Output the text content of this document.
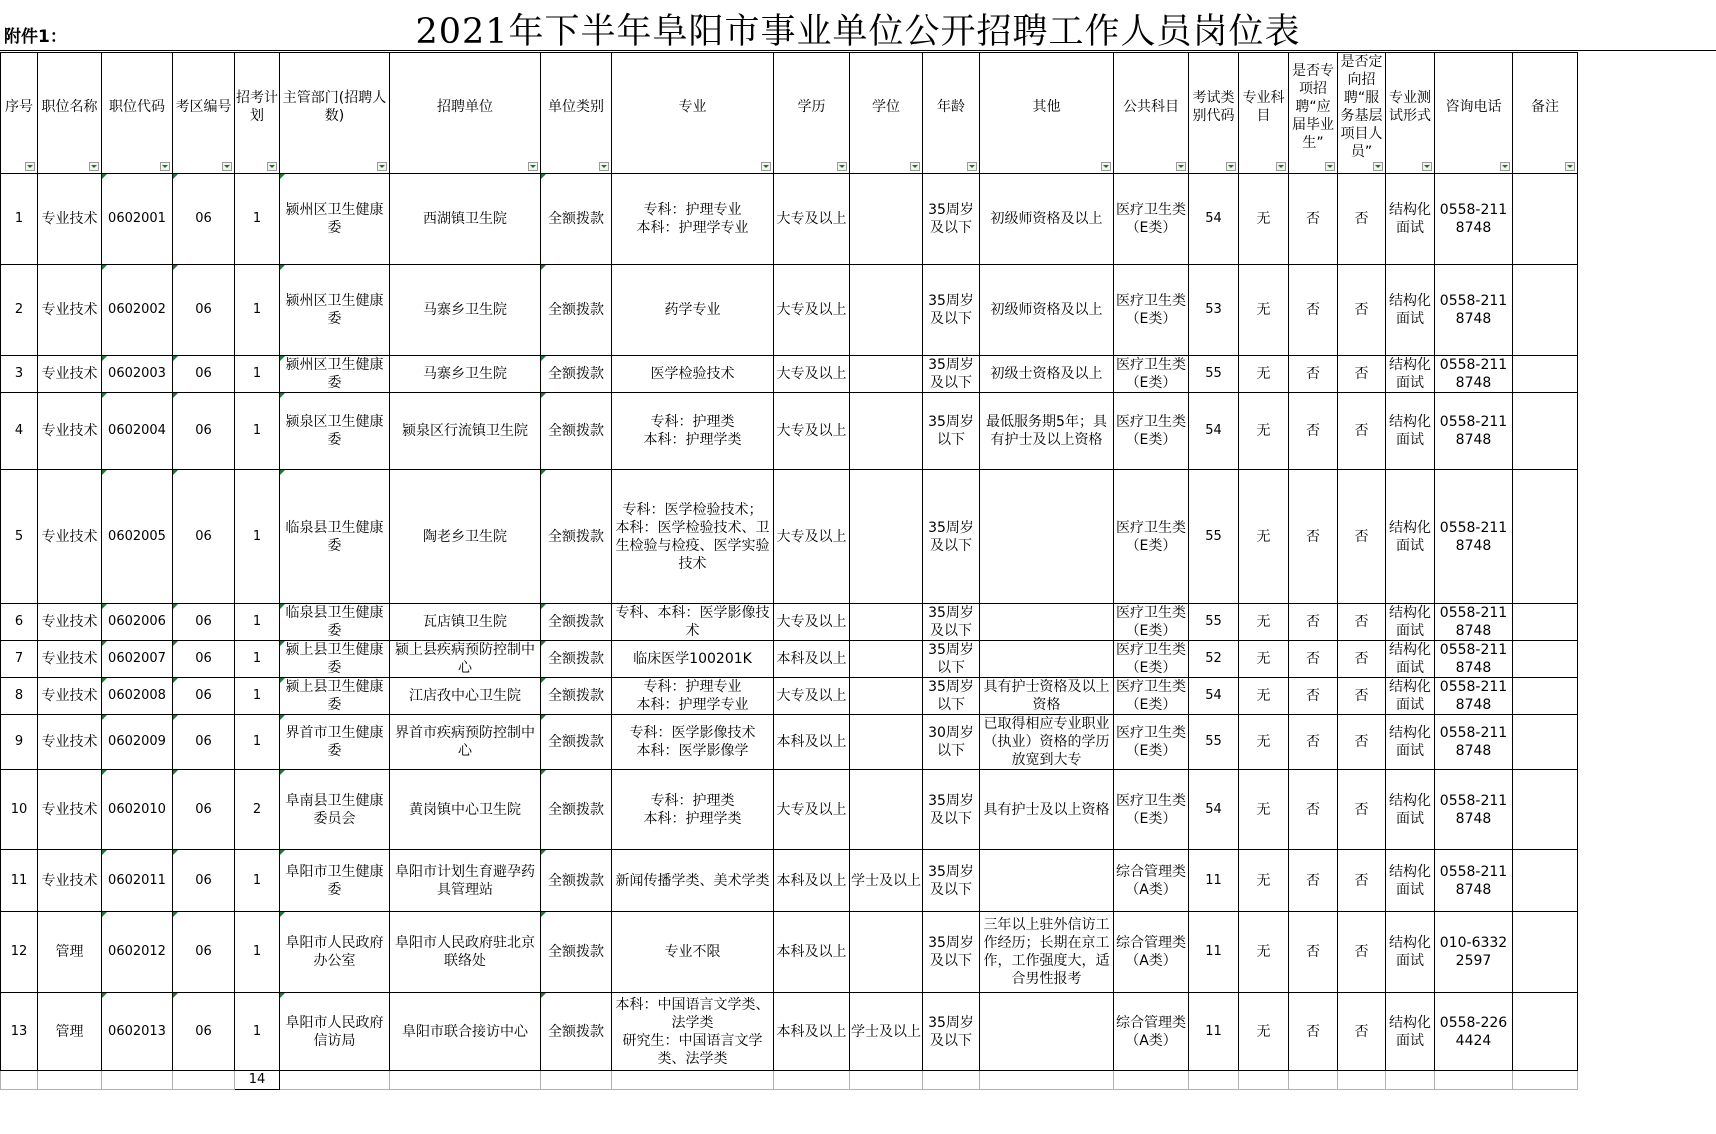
附件1：	2021年下半年阜阳市事业单位公开招聘工作人员岗位表
序号	职位名称	职位代码	考区编号	招考计划	主管部门(招聘人数)	招聘单位	单位类别	专业	学历	学位	年龄	其他	公共科目	考试类别代码	专业科目	是否专项招聘“应届毕业生”	是否定向招聘“服务基层项目人员”	专业测试形式	咨询电话	备注

1	专业技术	0602001	06	1	颍州区卫生健康委	西湖镇卫生院	全额拨款	专科：护理专业
本科：护理学专业	大专及以上		35周岁及以下	初级师资格及以上	医疗卫生类（E类）	54	无	否	否	结构化面试	0558-2118748	
2	专业技术	0602002	06	1	颍州区卫生健康委	马寨乡卫生院	全额拨款	药学专业	大专及以上		35周岁及以下	初级师资格及以上	医疗卫生类（E类）	53	无	否	否	结构化面试	0558-2118748	
3	专业技术	0602003	06	1	颍州区卫生健康委	马寨乡卫生院	全额拨款	医学检验技术	大专及以上		35周岁及以下	初级士资格及以上	医疗卫生类（E类）	55	无	否	否	结构化面试	0558-2118748	
4	专业技术	0602004	06	1	颍泉区卫生健康委	颍泉区行流镇卫生院	全额拨款	专科：护理类
本科：护理学类	大专及以上		35周岁以下	最低服务期5年；具有护士及以上资格	医疗卫生类（E类）	54	无	否	否	结构化面试	0558-2118748	
5	专业技术	0602005	06	1	临泉县卫生健康委	陶老乡卫生院	全额拨款	专科：医学检验技术；
本科：医学检验技术、卫生检验与检疫、医学实验技术	大专及以上		35周岁及以下		医疗卫生类（E类）	55	无	否	否	结构化面试	0558-2118748	
6	专业技术	0602006	06	1	临泉县卫生健康委	瓦店镇卫生院	全额拨款	专科、本科：医学影像技术	大专及以上		35周岁及以下		医疗卫生类（E类）	55	无	否	否	结构化面试	0558-2118748	
7	专业技术	0602007	06	1	颍上县卫生健康委	颍上县疾病预防控制中心	全额拨款	临床医学100201K	本科及以上		35周岁以下		医疗卫生类（E类）	52	无	否	否	结构化面试	0558-2118748	
8	专业技术	0602008	06	1	颍上县卫生健康委	江店孜中心卫生院	全额拨款	专科：护理专业
本科：护理学专业	大专及以上		35周岁以下	具有护士资格及以上资格	医疗卫生类（E类）	54	无	否	否	结构化面试	0558-2118748	
9	专业技术	0602009	06	1	界首市卫生健康委	界首市疾病预防控制中心	全额拨款	专科：医学影像技术
本科：医学影像学	本科及以上		30周岁以下	已取得相应专业职业（执业）资格的学历放宽到大专	医疗卫生类（E类）	55	无	否	否	结构化面试	0558-2118748	
10	专业技术	0602010	06	2	阜南县卫生健康委员会	黄岗镇中心卫生院	全额拨款	专科：护理类
本科：护理学类	大专及以上		35周岁及以下	具有护士及以上资格	医疗卫生类（E类）	54	无	否	否	结构化面试	0558-2118748	
11	专业技术	0602011	06	1	阜阳市卫生健康委	阜阳市计划生育避孕药具管理站	全额拨款	新闻传播学类、美术学类	本科及以上	学士及以上	35周岁及以下		综合管理类（A类）	11	无	否	否	结构化面试	0558-2118748	
12	管理	0602012	06	1	阜阳市人民政府办公室	阜阳市人民政府驻北京联络处	全额拨款	专业不限	本科及以上		35周岁及以下	三年以上驻外信访工作经历；长期在京工作，工作强度大，适合男性报考	综合管理类（A类）	11	无	否	否	结构化面试	010-63322597	
13	管理	0602013	06	1	阜阳市人民政府信访局	阜阳市联合接访中心	全额拨款	本科：中国语言文学类、法学类
研究生：中国语言文学类、法学类	本科及以上	学士及以上	35周岁及以下		综合管理类（A类）	11	无	否	否	结构化面试	0558-2264424	
				14																
